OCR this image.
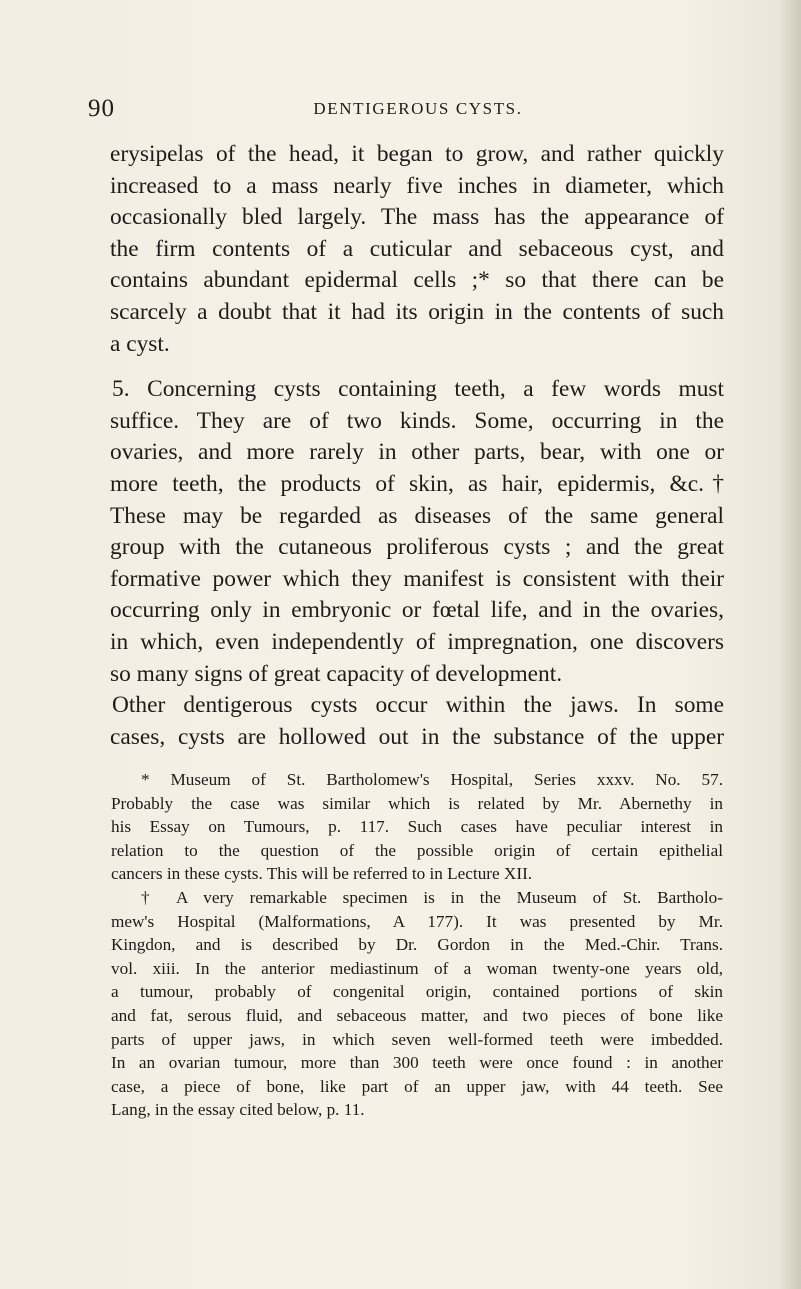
90	DENTIGEROUS CYSTS.
erysipelas of the head, it began to grow, and rather quickly
increased to a mass nearly five inches in diameter, which
occasionally bled largely. The mass has the appearance of
the firm contents of a cuticular and sebaceous cyst, and
contains abundant epidermal cells ;* so that there can be
scarcely a doubt that it had its origin in the contents of such
a cyst.
5. Concerning cysts containing teeth, a few words must
suffice. They are of two kinds. Some, occurring in the
ovaries, and more rarely in other parts, bear, with one or
more teeth, the products of skin, as hair, epidermis, &c.†
These may be regarded as diseases of the same general
group with the cutaneous proliferous cysts ; and the great
formative power which they manifest is consistent with their
occurring only in embryonic or fœtal life, and in the ovaries,
in which, even independently of impregnation, one discovers
so many signs of great capacity of development.
Other dentigerous cysts occur within the jaws. In some
cases, cysts are hollowed out in the substance of the upper
* Museum of St. Bartholomew's Hospital, Series xxxv. No. 57.
Probably the case was similar which is related by Mr. Abernethy in
his Essay on Tumours, p. 117. Such cases have peculiar interest in
relation to the question of the possible origin of certain epithelial
cancers in these cysts. This will be referred to in Lecture XII.
† A very remarkable specimen is in the Museum of St. Bartholo-
mew's Hospital (Malformations, A 177). It was presented by Mr.
Kingdon, and is described by Dr. Gordon in the Med.-Chir. Trans.
vol. xiii. In the anterior mediastinum of a woman twenty-one years old,
a tumour, probably of congenital origin, contained portions of skin
and fat, serous fluid, and sebaceous matter, and two pieces of bone like
parts of upper jaws, in which seven well-formed teeth were imbedded.
In an ovarian tumour, more than 300 teeth were once found : in another
case, a piece of bone, like part of an upper jaw, with 44 teeth. See
Lang, in the essay cited below, p. 11.
